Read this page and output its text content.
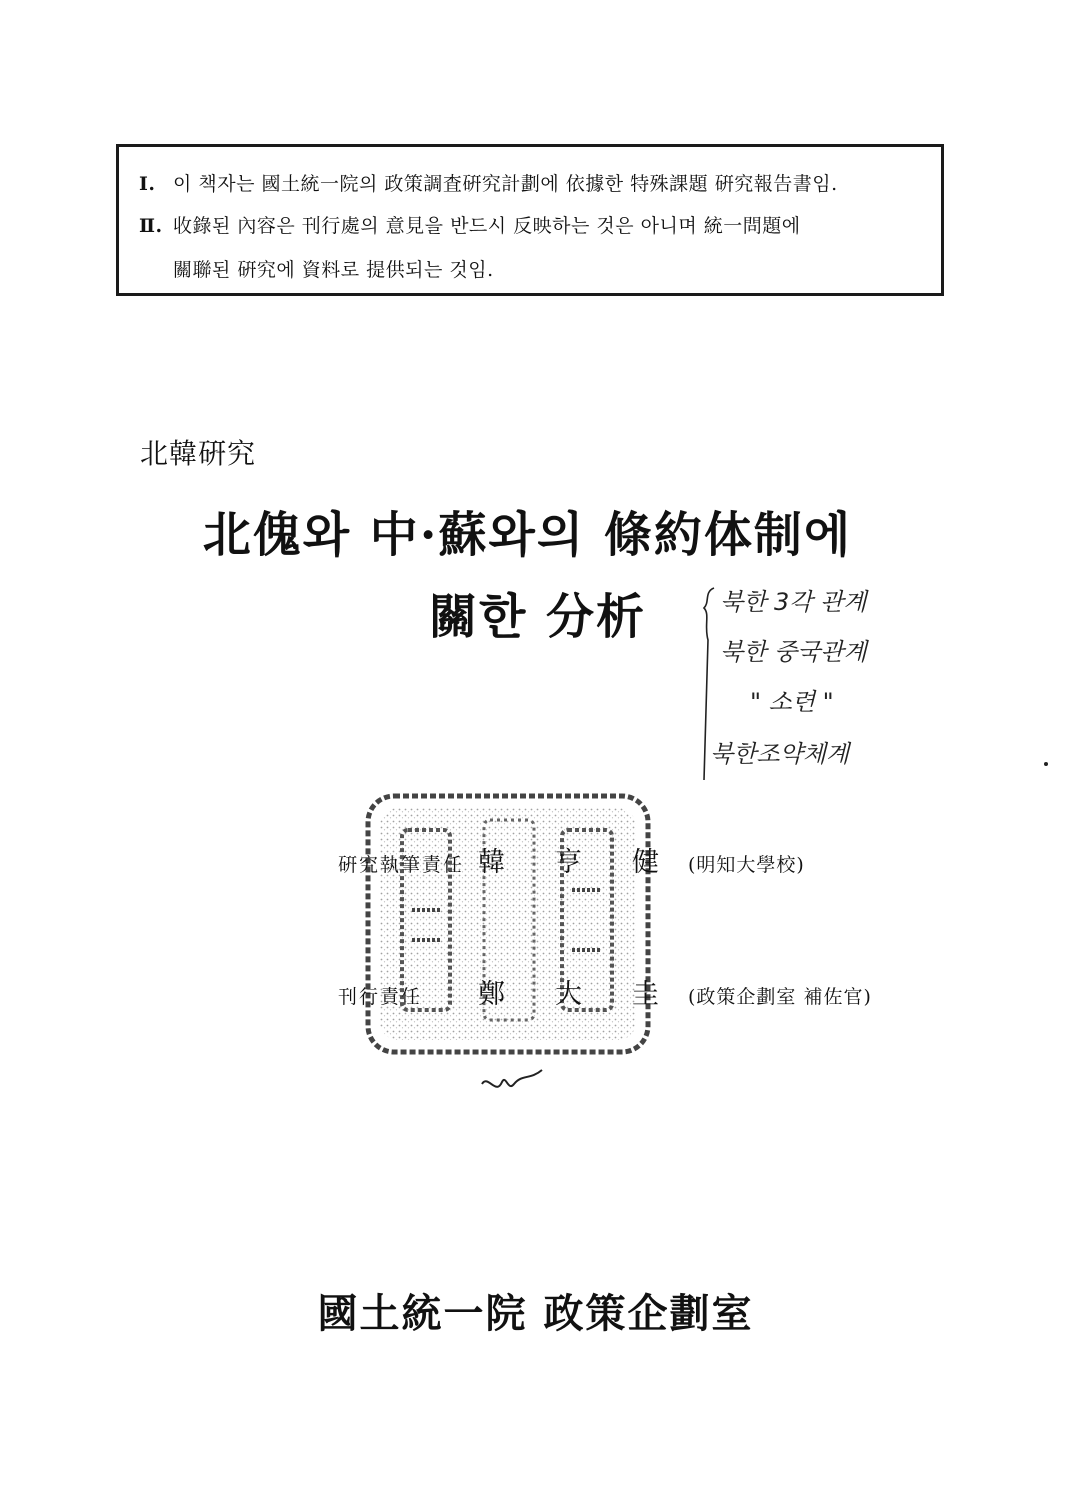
Ⅰ. 이 책자는 國土統一院의 政策調査硏究計劃에 依據한 特殊課題 硏究報告書임.
Ⅱ. 收錄된 內容은 刊行處의 意見을 반드시 反映하는 것은 아니며 統一問題에
關聯된 硏究에 資料로 提供되는 것임.
北韓硏究
北傀와 中·蘇와의 條約体制에
關한 分析	북한 3각 관계
북한 중국관계
" 소련 "
북한조약체계
硏究執筆責任 韓亨健(明知大學校)
刊行責任 鄭大圭(政策企劃室 補佐官)
國土統一院 政策企劃室
